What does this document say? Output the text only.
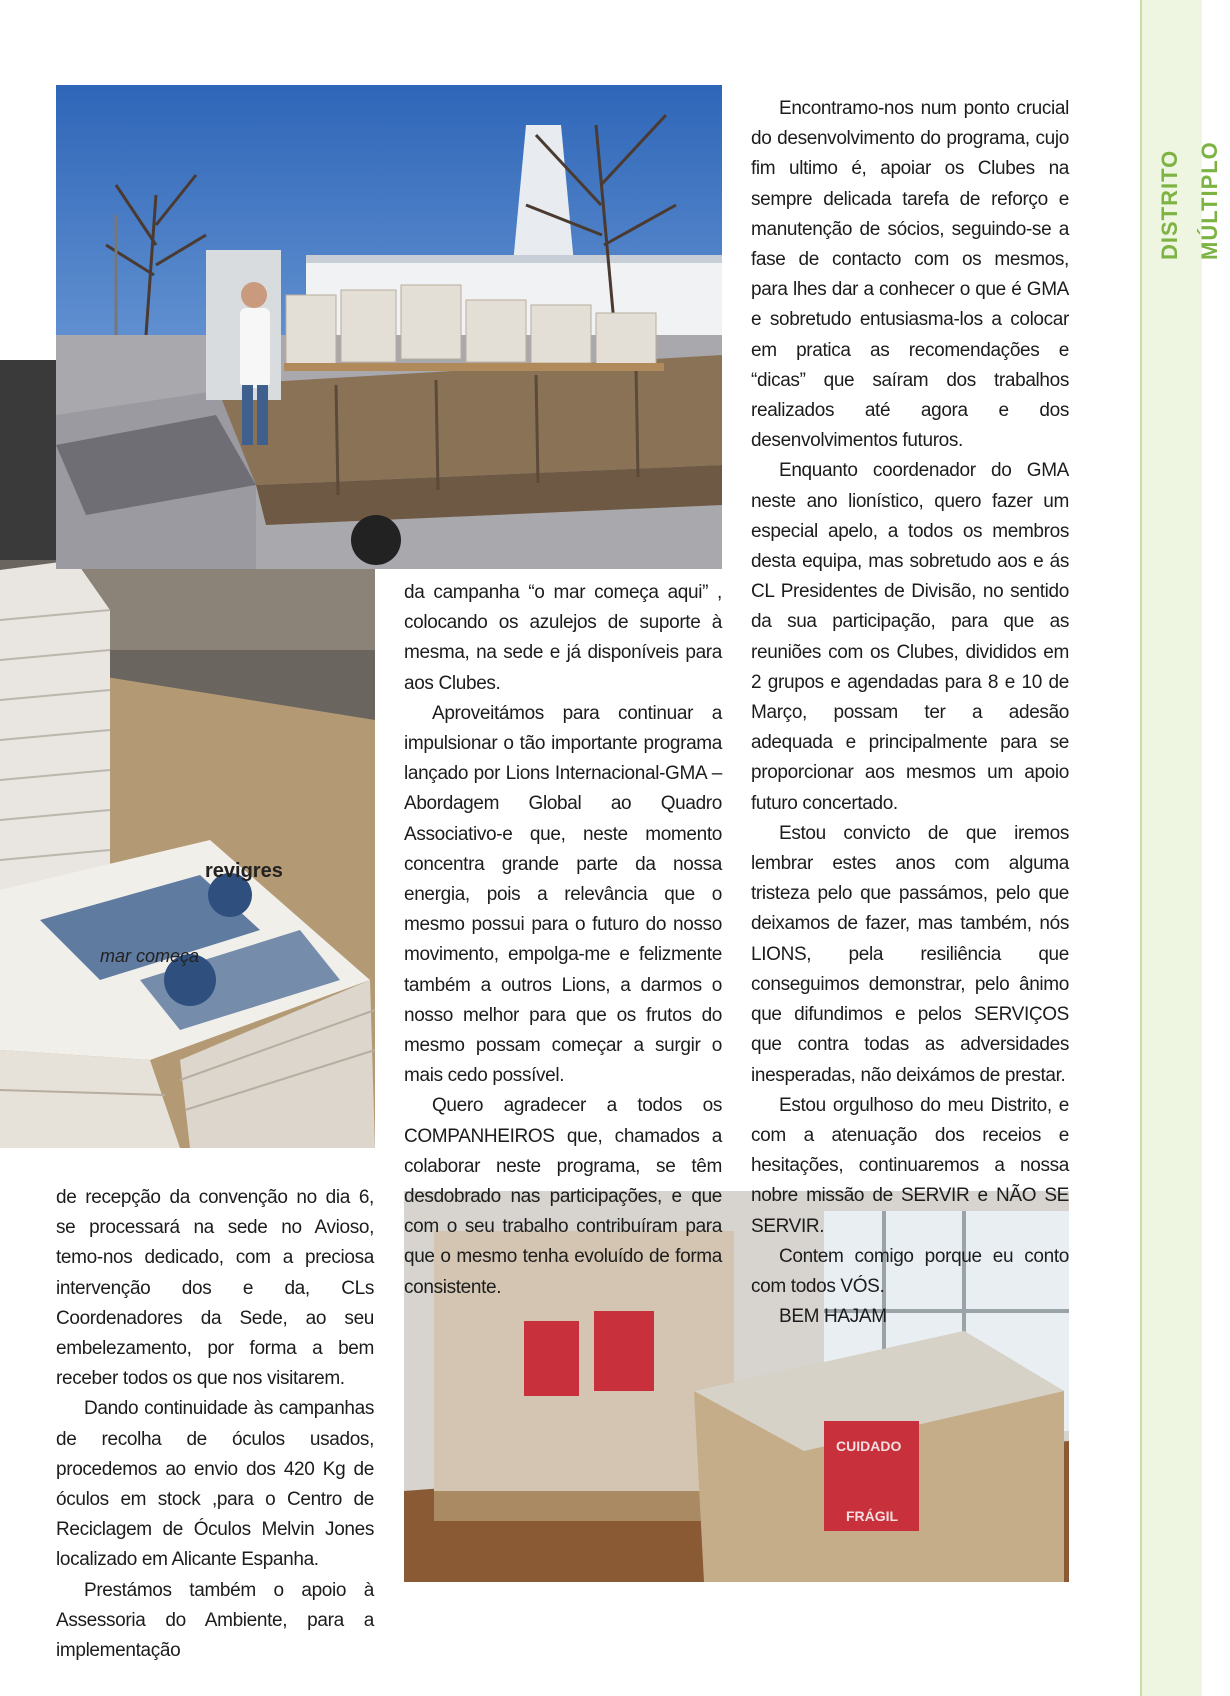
DISTRITO MÚLTIPLO
revigres
mar começa
CUIDADO
FRÁGIL

Encontramo-nos num ponto crucial do desenvolvimento do programa, cujo fim ultimo é, apoiar os Clubes na sempre delicada tarefa de reforço e manutenção de sócios, seguindo-se a fase de contacto com os mesmos, para lhes dar a conhecer o que é GMA e sobretudo entusiasma-los a colocar em pratica as recomendações e “dicas” que saíram dos trabalhos realizados até agora e dos desenvolvimentos futuros.

Enquanto coordenador do GMA neste ano lionístico, quero fazer um especial apelo, a todos os membros desta equipa, mas sobretudo aos e ás CL Presidentes de Divisão, no sentido da sua participação, para que as reuniões com os Clubes, divididos em 2 grupos e agendadas para 8 e 10 de Março, possam ter a adesão adequada e principalmente para se proporcionar aos mesmos um apoio futuro concertado.

Estou convicto de que iremos lembrar estes anos com alguma tristeza pelo que passámos, pelo que deixamos de fazer, mas também, nós LIONS, pela resiliência que conseguimos demonstrar, pelo ânimo que difundimos e pelos SERVIÇOS que contra todas as adversidades inesperadas, não deixámos de prestar.

Estou orgulhoso do meu Distrito, e com a atenuação dos receios e hesitações, continuaremos a nossa nobre missão de SERVIR e NÃO SE SERVIR.

Contem comigo porque eu conto com todos VÓS.

BEM HAJAM

da campanha “o mar começa aqui” , colocando os azulejos de suporte à mesma, na sede e já disponíveis para aos Clubes.

Aproveitámos para continuar a impulsionar o tão importante programa lançado por Lions Internacional-GMA –Abordagem Global ao Quadro Associativo-e que, neste momento concentra grande parte da nossa energia, pois a relevância que o mesmo possui para o futuro do nosso movimento, empolga-me e felizmente também a outros Lions, a darmos o nosso melhor para que os frutos do mesmo possam começar a surgir o mais cedo possível.

Quero agradecer a todos os COMPANHEIROS que, chamados a colaborar neste programa, se têm desdobrado nas participações, e que com o seu trabalho contribuíram para que o mesmo tenha evoluído de forma consistente.

de recepção da convenção no dia 6, se processará na sede no Avioso, temo-nos dedicado, com a preciosa intervenção dos e da, CLs Coordenadores da Sede, ao seu embelezamento, por forma a bem receber todos os que nos visitarem.

Dando continuidade às campanhas de recolha de óculos usados, procedemos ao envio dos 420 Kg de óculos em stock ,para o Centro de Reciclagem de Óculos Melvin Jones localizado em Alicante Espanha.

Prestámos também o apoio à Assessoria do Ambiente, para a implementação
